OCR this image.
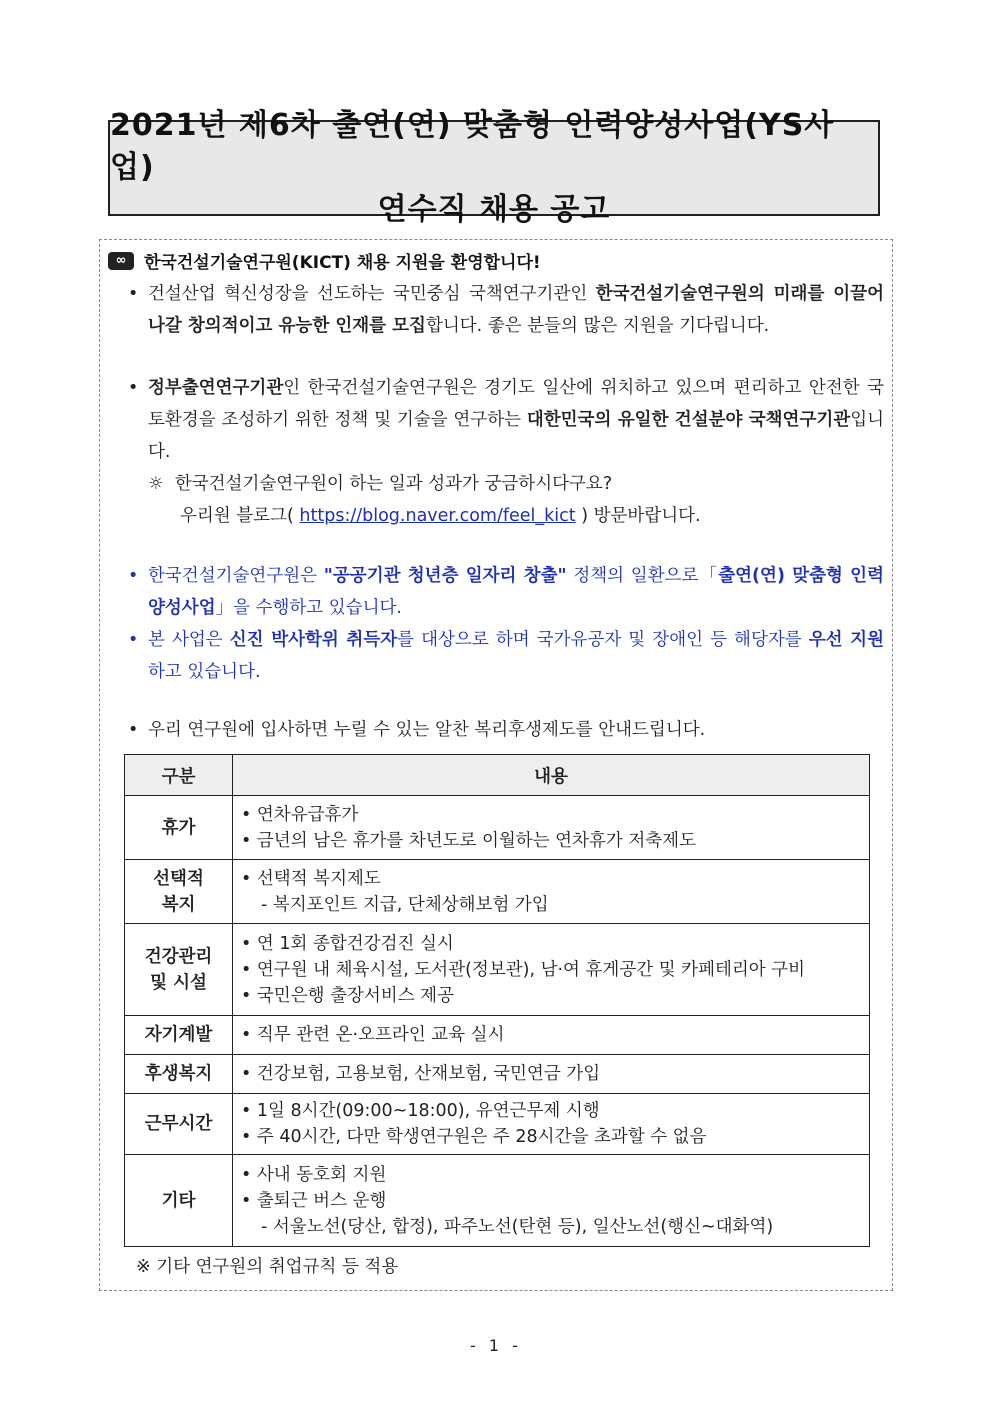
2021년 제6차 출연(연) 맞춤형 인력양성사업(YS사업)
연수직 채용 공고
∞	한국건설기술연구원(KICT) 채용 지원을 환영합니다!
• 건설산업 혁신성장을 선도하는 국민중심 국책연구기관인 한국건설기술연구원의 미래를 이끌어 나갈 창의적이고 유능한 인재를 모집합니다. 좋은 분들의 많은 지원을 기다립니다.
• 정부출연연구기관인 한국건설기술연구원은 경기도 일산에 위치하고 있으며 편리하고 안전한 국토환경을 조성하기 위한 정책 및 기술을 연구하는 대한민국의 유일한 건설분야 국책연구기관입니다.
☼ 한국건설기술연구원이 하는 일과 성과가 궁금하시다구요?
우리원 블로그( https://blog.naver.com/feel_kict ) 방문바랍니다.
• 한국건설기술연구원은 "공공기관 청년층 일자리 창출" 정책의 일환으로「출연(연) 맞춤형 인력양성사업」을 수행하고 있습니다.
• 본 사업은 신진 박사학위 취득자를 대상으로 하며 국가유공자 및 장애인 등 해당자를 우선 지원 하고 있습니다.
• 우리 연구원에 입사하면 누릴 수 있는 알찬 복리후생제도를 안내드립니다.
구분	내용
휴가	• 연차유급휴가
• 금년의 남은 휴가를 차년도로 이월하는 연차휴가 저축제도

선택적
복지	• 선택적 복지제도
- 복지포인트 지급, 단체상해보험 가입

건강관리
및 시설	• 연 1회 종합건강검진 실시
• 연구원 내 체육시설, 도서관(정보관), 남·여 휴게공간 및 카페테리아 구비
• 국민은행 출장서비스 제공

자기계발	• 직무 관련 온·오프라인 교육 실시

후생복지	• 건강보험, 고용보험, 산재보험, 국민연금 가입

근무시간	• 1일 8시간(09:00~18:00), 유연근무제 시행
• 주 40시간, 다만 학생연구원은 주 28시간을 초과할 수 없음

기타	• 사내 동호회 지원
• 출퇴근 버스 운행
- 서울노선(당산, 합정), 파주노선(탄현 등), 일산노선(행신~대화역)
※ 기타 연구원의 취업규칙 등 적용
- 1 -
